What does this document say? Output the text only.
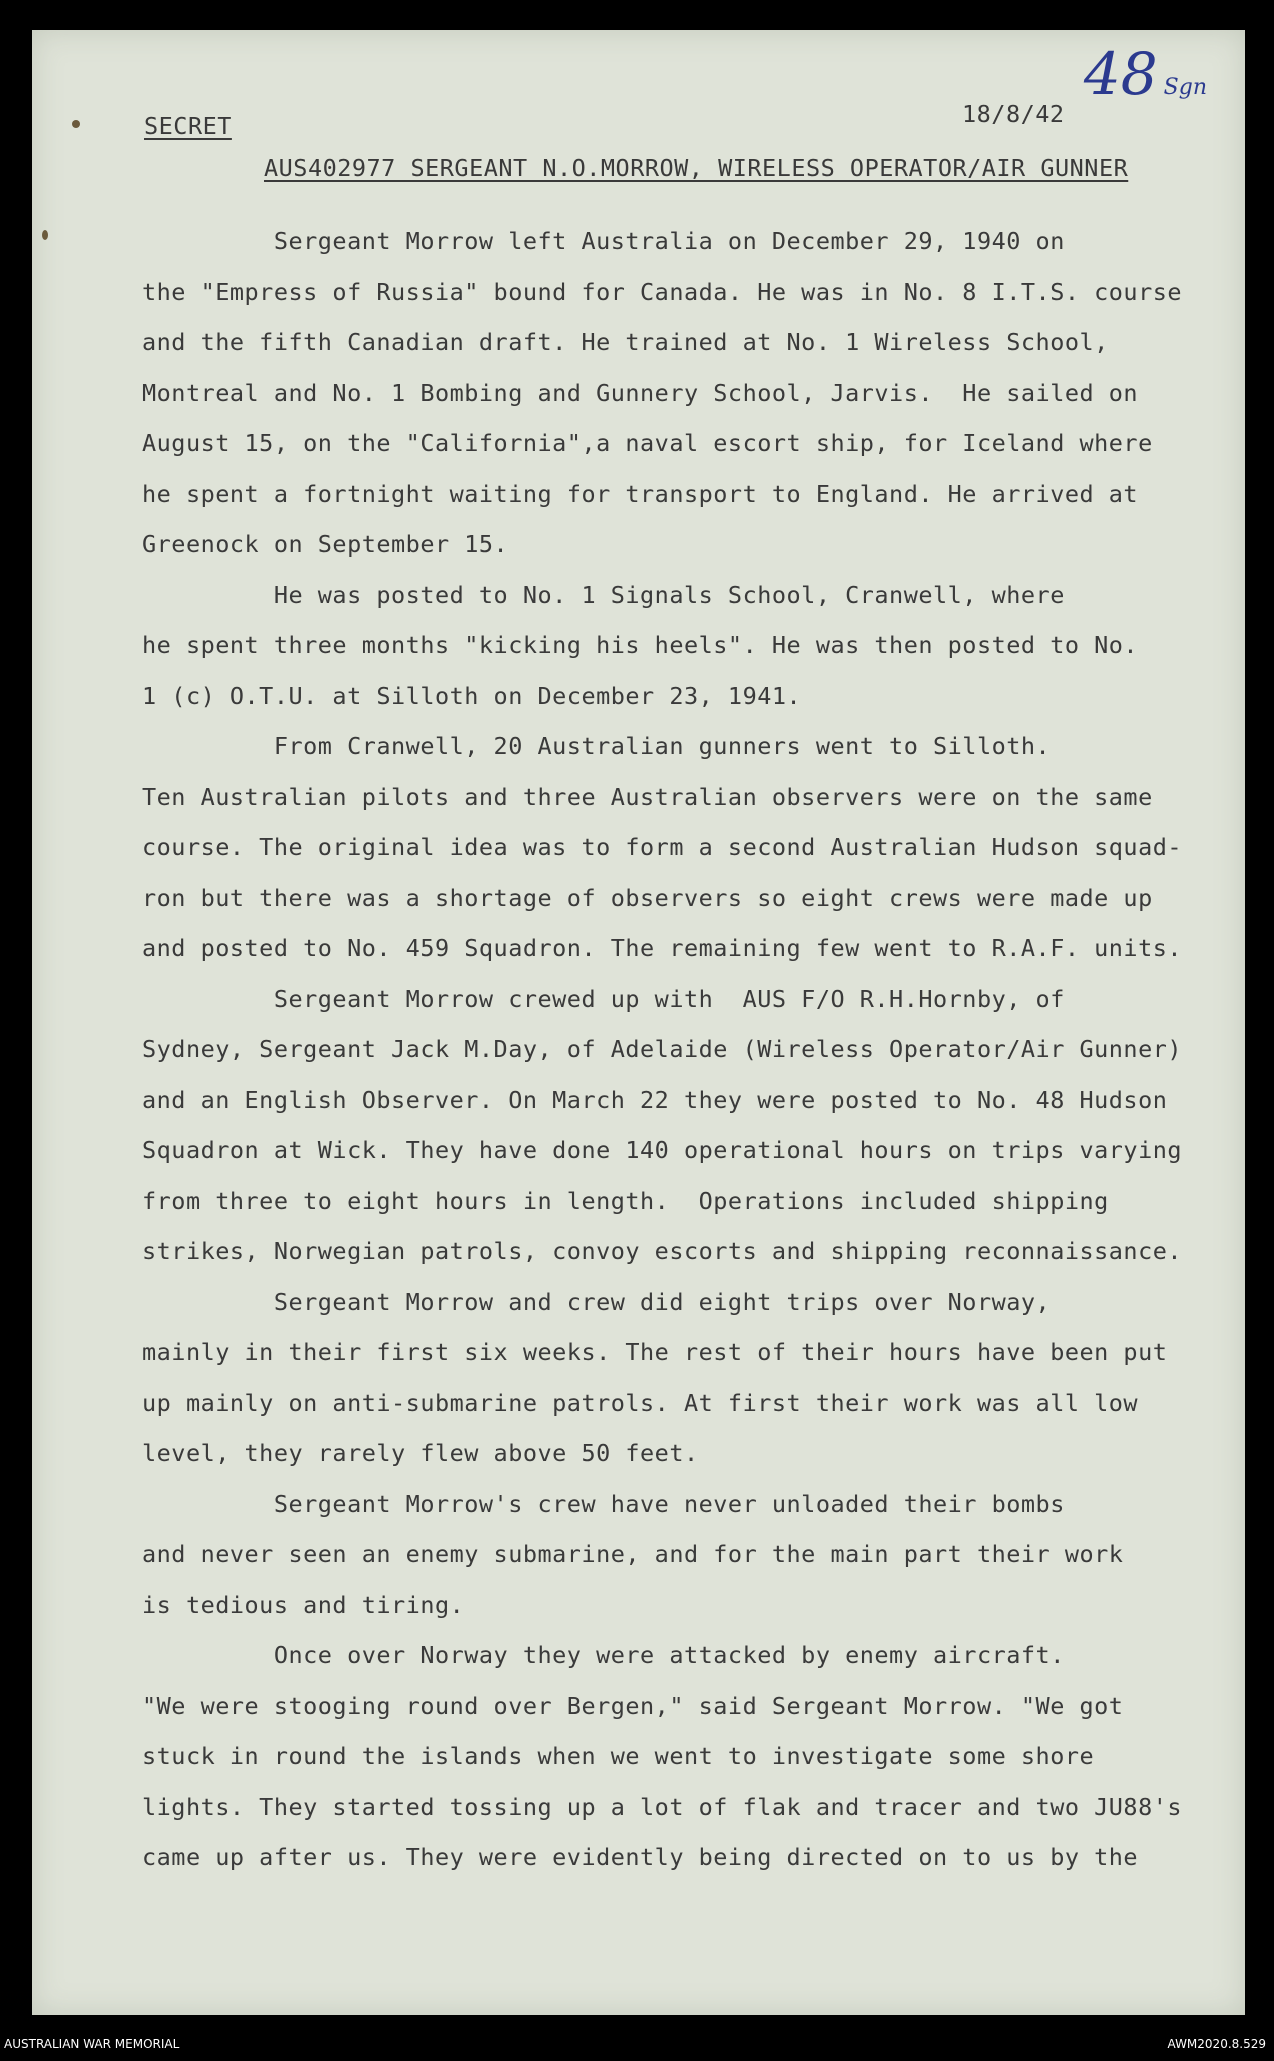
48 Sgn
SECRET	18/8/42
AUS402977 SERGEANT N.O.MORROW, WIRELESS OPERATOR/AIR GUNNER
Sergeant Morrow left Australia on December 29, 1940 on
the "Empress of Russia" bound for Canada. He was in No. 8 I.T.S. course
and the fifth Canadian draft. He trained at No. 1 Wireless School,
Montreal and No. 1 Bombing and Gunnery School, Jarvis.  He sailed on
August 15, on the "California",a naval escort ship, for Iceland where
he spent a fortnight waiting for transport to England. He arrived at
Greenock on September 15.
He was posted to No. 1 Signals School, Cranwell, where
he spent three months "kicking his heels". He was then posted to No.
1 (c) O.T.U. at Silloth on December 23, 1941.
From Cranwell, 20 Australian gunners went to Silloth.
Ten Australian pilots and three Australian observers were on the same
course. The original idea was to form a second Australian Hudson squad-
ron but there was a shortage of observers so eight crews were made up
and posted to No. 459 Squadron. The remaining few went to R.A.F. units.
Sergeant Morrow crewed up with  AUS F/O R.H.Hornby, of
Sydney, Sergeant Jack M.Day, of Adelaide (Wireless Operator/Air Gunner)
and an English Observer. On March 22 they were posted to No. 48 Hudson
Squadron at Wick. They have done 140 operational hours on trips varying
from three to eight hours in length.  Operations included shipping
strikes, Norwegian patrols, convoy escorts and shipping reconnaissance.
Sergeant Morrow and crew did eight trips over Norway,
mainly in their first six weeks. The rest of their hours have been put
up mainly on anti-submarine patrols. At first their work was all low
level, they rarely flew above 50 feet.
Sergeant Morrow's crew have never unloaded their bombs
and never seen an enemy submarine, and for the main part their work
is tedious and tiring.
Once over Norway they were attacked by enemy aircraft.
"We were stooging round over Bergen," said Sergeant Morrow. "We got
stuck in round the islands when we went to investigate some shore
lights. They started tossing up a lot of flak and tracer and two JU88's
came up after us. They were evidently being directed on to us by the
AUSTRALIAN WAR MEMORIAL	AWM2020.8.529
